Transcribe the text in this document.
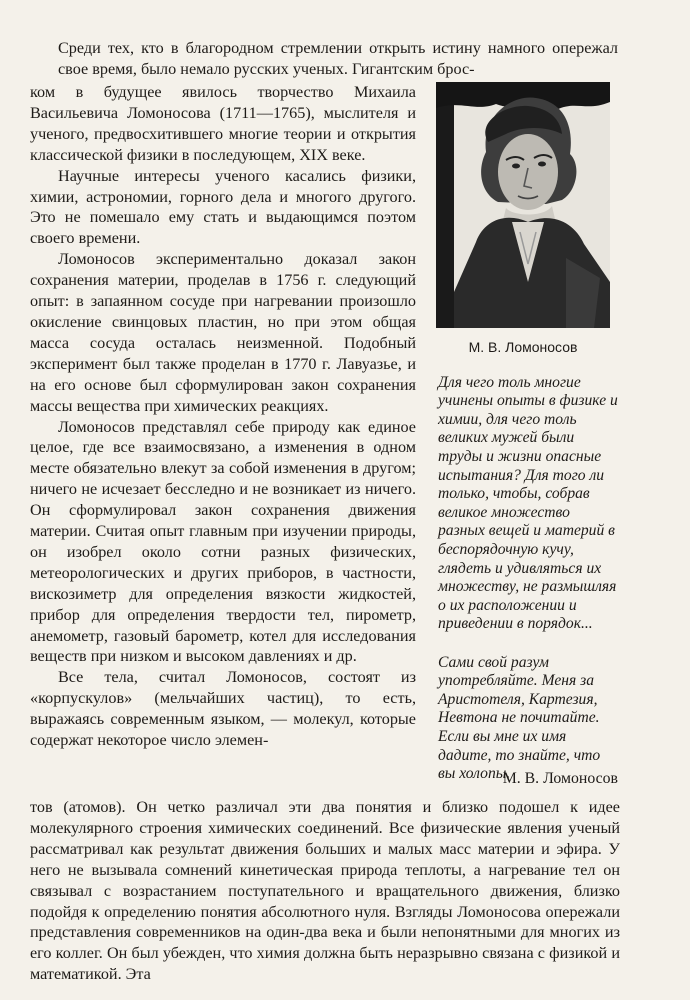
Среди тех, кто в благородном стремлении открыть истину намного опережал свое время, было немало русских ученых. Гигантским брос-

ком в будущее явилось творчество Михаила Васильевича Ломоносова (1711—1765), мыслителя и ученого, предвосхитившего многие теории и открытия классической физики в последующем, XIX веке.

Научные интересы ученого касались физики, химии, астрономии, горного дела и многого другого. Это не помешало ему стать и выдающимся поэтом своего времени.

Ломоносов экспериментально доказал закон сохранения материи, проделав в 1756 г. следующий опыт: в запаянном сосуде при нагревании произошло окисление свинцовых пластин, но при этом общая масса сосуда осталась неизменной. Подобный эксперимент был также проделан в 1770 г. Лавуазье, и на его основе был сформулирован закон сохранения массы вещества при химических реакциях.

Ломоносов представлял себе природу как единое целое, где все взаимосвязано, а изменения в одном месте обязательно влекут за собой изменения в другом; ничего не исчезает бесследно и не возникает из ничего. Он сформулировал закон сохранения движения материи. Считая опыт главным при изучении природы, он изобрел около сотни разных физических, метеорологических и других приборов, в частности, вискозиметр для определения вязкости жидкостей, прибор для определения твердости тел, пирометр, анемометр, газовый барометр, котел для исследования веществ при низком и высоком давлениях и др.

Все тела, считал Ломоносов, состоят из «корпускулов» (мельчайших частиц), то есть, выражаясь современным языком, — молекул, которые содержат некоторое число элемен-

М. В. Ломоносов

Для чего толь многие учинены опыты в физике и химии, для чего толь великих мужей были труды и жизни опасные испытания? Для того ли только, чтобы, собрав великое множество разных вещей и материй в беспорядочную кучу, глядеть и удивляться их множеству, не размышляя о их расположении и приведении в порядок...

Сами свой разум употребляйте. Меня за Аристотеля, Картезия, Невтона не почитайте. Если вы мне их имя дадите, то знайте, что вы холопы.

М. В. Ломоносов

тов (атомов). Он четко различал эти два понятия и близко подошел к идее молекулярного строения химических соединений. Все физические явления ученый рассматривал как результат движения больших и малых масс материи и эфира. У него не вызывала сомнений кинетическая природа теплоты, а нагревание тел он связывал с возрастанием поступательного и вращательного движения, близко подойдя к определению понятия абсолютного нуля. Взгляды Ломоносова опережали представления современников на один-два века и были непонятными для многих из его коллег. Он был убежден, что химия должна быть неразрывно связана с физикой и математикой. Эта
